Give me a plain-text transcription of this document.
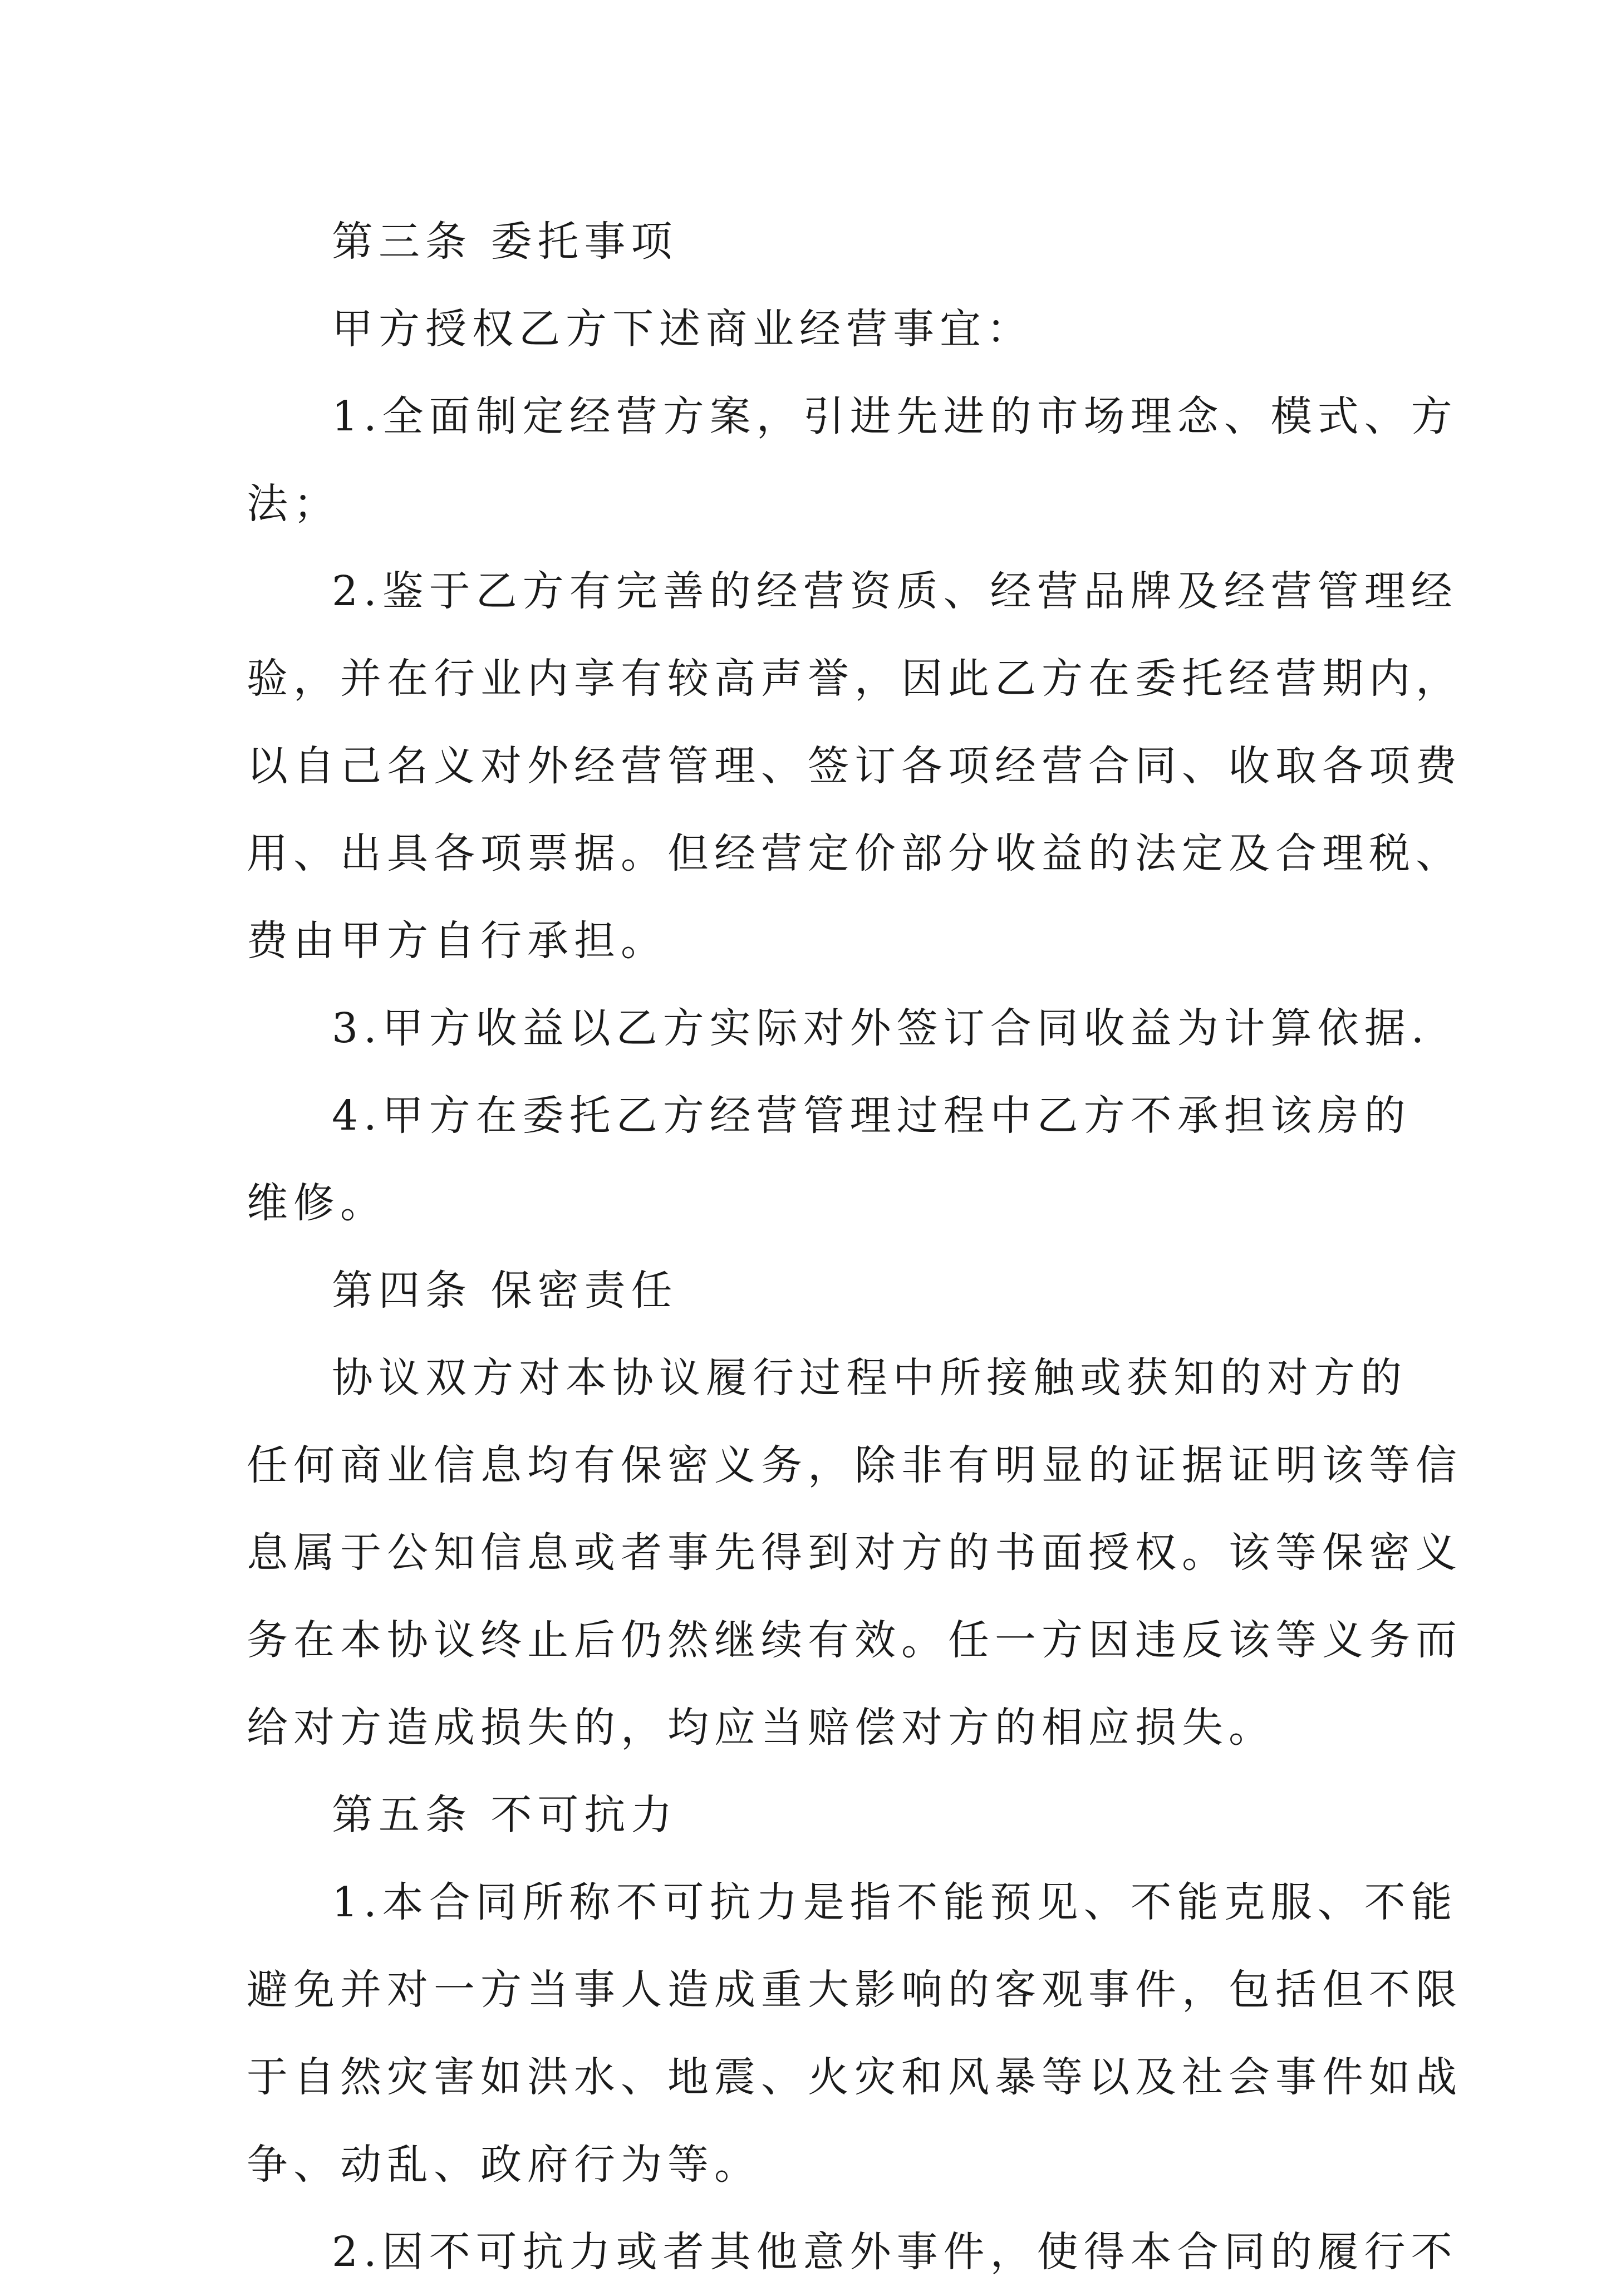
第三条 委托事项

甲方授权乙方下述商业经营事宜：

1.全面制定经营方案，引进先进的市场理念、模式、方
法；

2.鉴于乙方有完善的经营资质、经营品牌及经营管理经
验，并在行业内享有较高声誉，因此乙方在委托经营期内，
以自己名义对外经营管理、签订各项经营合同、收取各项费
用、出具各项票据。但经营定价部分收益的法定及合理税、
费由甲方自行承担。

3.甲方收益以乙方实际对外签订合同收益为计算依据.

4.甲方在委托乙方经营管理过程中乙方不承担该房的
维修。

第四条 保密责任

协议双方对本协议履行过程中所接触或获知的对方的
任何商业信息均有保密义务，除非有明显的证据证明该等信
息属于公知信息或者事先得到对方的书面授权。该等保密义
务在本协议终止后仍然继续有效。任一方因违反该等义务而
给对方造成损失的，均应当赔偿对方的相应损失。

第五条 不可抗力

1.本合同所称不可抗力是指不能预见、不能克服、不能
避免并对一方当事人造成重大影响的客观事件，包括但不限
于自然灾害如洪水、地震、火灾和风暴等以及社会事件如战
争、动乱、政府行为等。

2.因不可抗力或者其他意外事件，使得本合同的履行不
